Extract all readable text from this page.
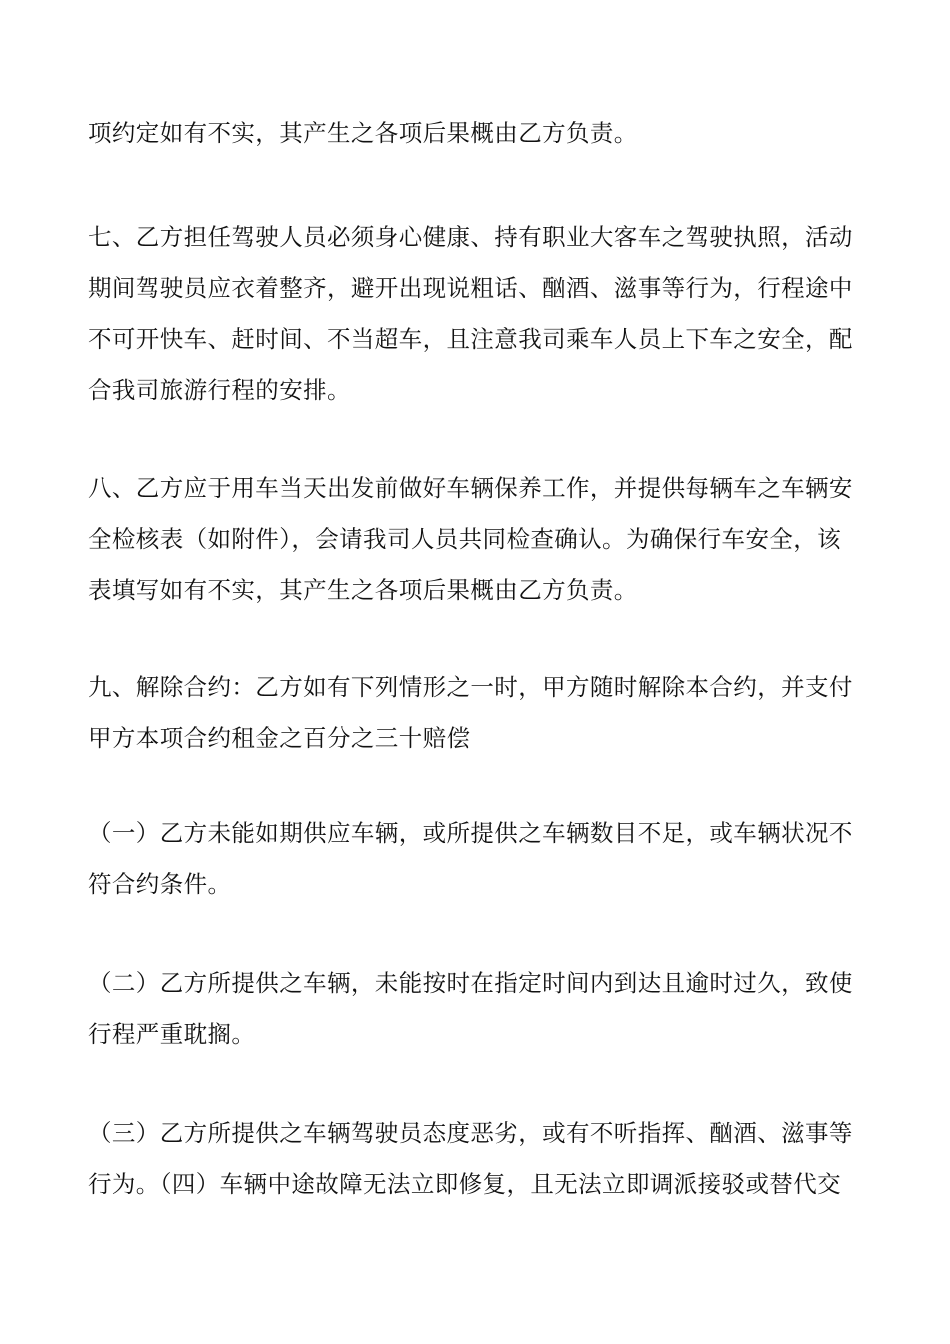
项约定如有不实，其产生之各项后果概由乙方负责。
七、乙方担任驾驶人员必须身心健康、持有职业大客车之驾驶执照，活动
期间驾驶员应衣着整齐，避开出现说粗话、酗酒、滋事等行为，行程途中
不可开快车、赶时间、不当超车，且注意我司乘车人员上下车之安全，配
合我司旅游行程的安排。
八、乙方应于用车当天出发前做好车辆保养工作，并提供每辆车之车辆安
全检核表（如附件），会请我司人员共同检查确认。为确保行车安全，该
表填写如有不实，其产生之各项后果概由乙方负责。
九、解除合约：乙方如有下列情形之一时，甲方随时解除本合约，并支付
甲方本项合约租金之百分之三十赔偿
（一）乙方未能如期供应车辆，或所提供之车辆数目不足，或车辆状况不
符合约条件。
（二）乙方所提供之车辆，未能按时在指定时间内到达且逾时过久，致使
行程严重耽搁。
（三）乙方所提供之车辆驾驶员态度恶劣，或有不听指挥、酗酒、滋事等
行为。（四）车辆中途故障无法立即修复，且无法立即调派接驳或替代交
